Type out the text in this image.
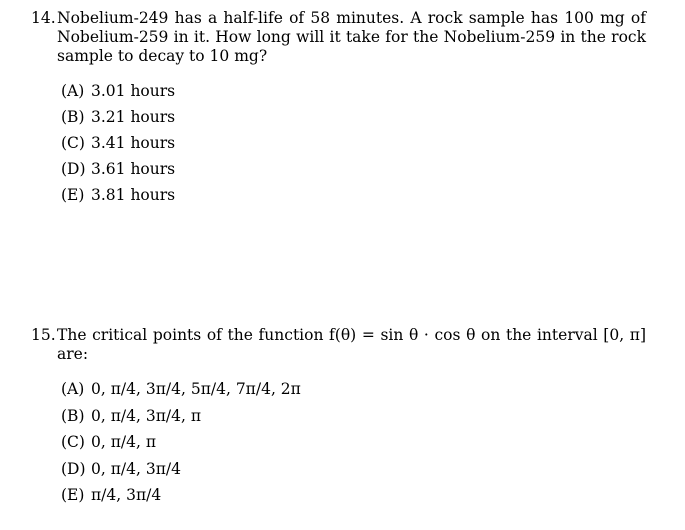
14. Nobelium-249 has a half-life of 58 minutes. A rock sample has 100 mg of Nobelium-259 in it. How long will it take for the Nobelium-259 in the rock sample to decay to 10 mg?
(A) 3.01 hours
(B) 3.21 hours
(C) 3.41 hours
(D) 3.61 hours
(E) 3.81 hours
15. The critical points of the function f(θ) = sin θ · cos θ on the interval [0, π] are:
(A) 0, π/4, 3π/4, 5π/4, 7π/4, 2π
(B) 0, π/4, 3π/4, π
(C) 0, π/4, π
(D) 0, π/4, 3π/4
(E) π/4, 3π/4
